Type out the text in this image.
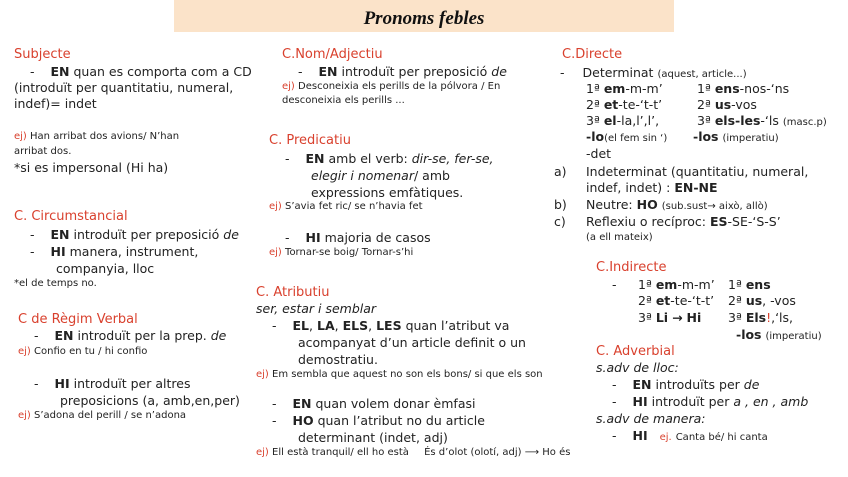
Pronoms febles
Subjecte
- EN quan es comporta com a CD
(introduït per quantitatiu, numeral,
indef)= indet
ej) Han arribat dos avions/ N’han
arribat dos.
*si es impersonal (Hi ha)
C. Circumstancial
- EN introduït per preposició de
- HI manera, instrument,
companyia, lloc
*el de temps no.
C de Règim Verbal
- EN introduït per la prep. de
ej) Confio en tu / hi confio
- HI introduït per altres
preposicions (a, amb,en,per)
ej) S’adona del perill / se n’adona
C.Nom/Adjectiu
- EN introduït per preposició de
ej) Desconeixia els perills de la pólvora / En
desconeixia els perills ...
C. Predicatiu
- EN amb el verb: dir-se, fer-se,
elegir i nomenar/ amb
expressions emfàtiques.
ej) S’avia fet ric/ se n’havia fet
- HI majoria de casos
ej) Tornar-se boig/ Tornar-s’hi
C. Atributiu
ser, estar i semblar
- EL, LA, ELS, LES quan l’atribut va
acompanyat d’un article definit o un
demostratiu.
ej) Em sembla que aquest no son els bons/ si que els son
- EN quan volem donar èmfasi
- HO quan l’atribut no du article
determinant (indet, adj)
ej) Ell està tranquil/ ell ho està És d’olot (olotí, adj) ⟶ Ho és
C.Directe
- Determinat (aquest, article...)
1ª em-m-m’	1ª ens-nos-‘ns
2ª et-te-‘t-t’	2ª us-vos
3ª el-la,l’,l’,	3ª els-les-‘ls (masc.p)
-lo(el fem sin ‘) -los (imperatiu)
-det
a) Indeterminat (quantitatiu, numeral,
indef, indet) : EN-NE
b) Neutre: HO (sub.sust→ això, allò)
c) Reflexiu o recíproc: ES-SE-‘S-S’
(a ell mateix)
C.Indirecte
- 1ª em-m-m’ 1ª ens
2ª et-te-‘t-t’ 2ª us, -vos
3ª Li → Hi 3ª Els!,‘ls,
-los (imperatiu)
C. Adverbial
s.adv de lloc:
- EN introduïts per de
- HI introduït per a , en , amb
s.adv de manera:
- HI ej. Canta bé/ hi canta
